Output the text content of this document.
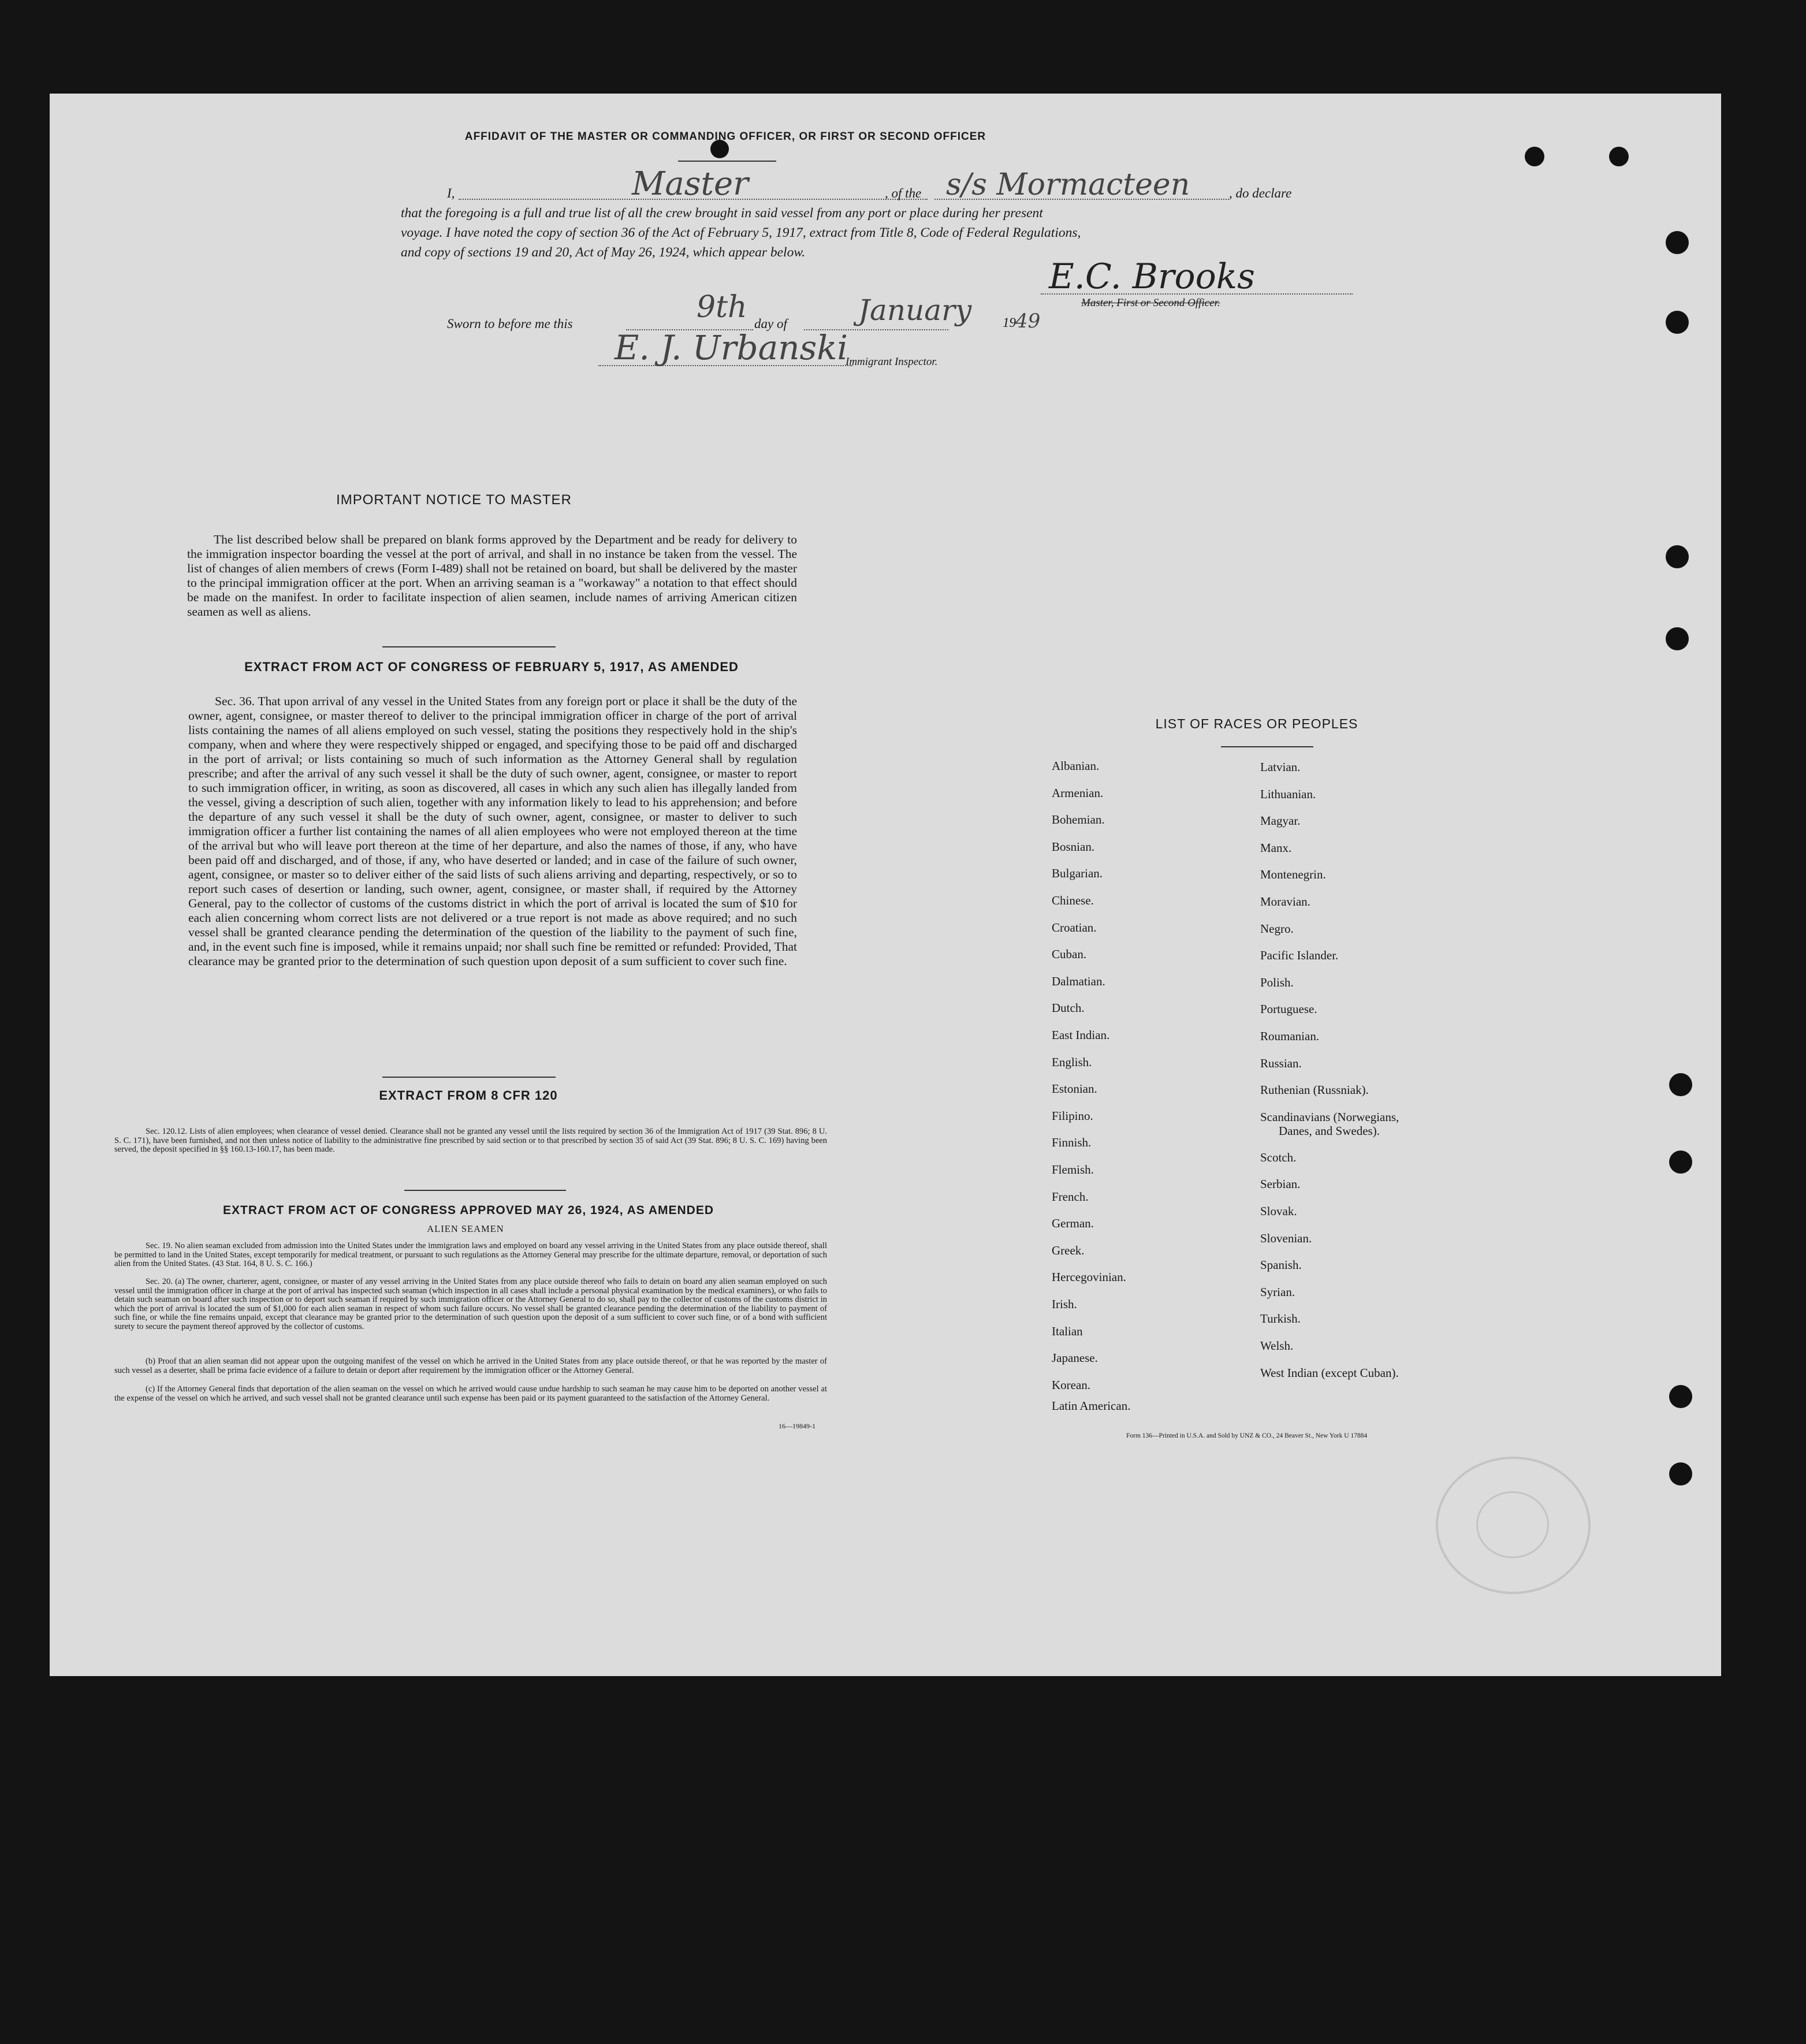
AFFIDAVIT OF THE MASTER OR COMMANDING OFFICER, OR FIRST OR SECOND OFFICER
I,	Master	, of the s/s Mormacteen	, do declare
that the foregoing is a full and true list of all the crew brought in said vessel from any port or place during her present
voyage. I have noted the copy of section 36 of the Act of February 5, 1917, extract from Title 8, Code of Federal Regulations,
and copy of sections 19 and 20, Act of May 26, 1924, which appear below.
E.C. Brooks
Master, First or Second Officer.
Sworn to before me this	9th day of January 19 49
E. J. Urbanski
Immigrant Inspector.
IMPORTANT NOTICE TO MASTER
The list described below shall be prepared on blank forms approved by the Department and be ready for delivery to the immigration inspector boarding the vessel at the port of arrival, and shall in no instance be taken from the vessel. The list of changes of alien members of crews (Form I-489) shall not be retained on board, but shall be delivered by the master to the principal immigration officer at the port. When an arriving seaman is a "workaway" a notation to that effect should be made on the manifest. In order to facilitate inspection of alien seamen, include names of arriving American citizen seamen as well as aliens.
EXTRACT FROM ACT OF CONGRESS OF FEBRUARY 5, 1917, AS AMENDED
Sec. 36. That upon arrival of any vessel in the United States from any foreign port or place it shall be the duty of the owner, agent, consignee, or master thereof to deliver to the principal immigration officer in charge of the port of arrival lists containing the names of all aliens employed on such vessel, stating the positions they respectively hold in the ship's company, when and where they were respectively shipped or engaged, and specifying those to be paid off and discharged in the port of arrival; or lists containing so much of such information as the Attorney General shall by regulation prescribe; and after the arrival of any such vessel it shall be the duty of such owner, agent, consignee, or master to report to such immigration officer, in writing, as soon as discovered, all cases in which any such alien has illegally landed from the vessel, giving a description of such alien, together with any information likely to lead to his apprehension; and before the departure of any such vessel it shall be the duty of such owner, agent, consignee, or master to deliver to such immigration officer a further list containing the names of all alien employees who were not employed thereon at the time of the arrival but who will leave port thereon at the time of her departure, and also the names of those, if any, who have been paid off and discharged, and of those, if any, who have deserted or landed; and in case of the failure of such owner, agent, consignee, or master so to deliver either of the said lists of such aliens arriving and departing, respectively, or so to report such cases of desertion or landing, such owner, agent, consignee, or master shall, if required by the Attorney General, pay to the collector of customs of the customs district in which the port of arrival is located the sum of $10 for each alien concerning whom correct lists are not delivered or a true report is not made as above required; and no such vessel shall be granted clearance pending the determination of the question of the liability to the payment of such fine, and, in the event such fine is imposed, while it remains unpaid; nor shall such fine be remitted or refunded: Provided, That clearance may be granted prior to the determination of such question upon deposit of a sum sufficient to cover such fine.
EXTRACT FROM 8 CFR 120
Sec. 120.12. Lists of alien employees; when clearance of vessel denied. Clearance shall not be granted any vessel until the lists required by section 36 of the Immigration Act of 1917 (39 Stat. 896; 8 U. S. C. 171), have been furnished, and not then unless notice of liability to the administrative fine prescribed by said section or to that prescribed by section 35 of said Act (39 Stat. 896; 8 U. S. C. 169) having been served, the deposit specified in §§ 160.13-160.17, has been made.
EXTRACT FROM ACT OF CONGRESS APPROVED MAY 26, 1924, AS AMENDED
ALIEN SEAMEN
Sec. 19. No alien seaman excluded from admission into the United States under the immigration laws and employed on board any vessel arriving in the United States from any place outside thereof, shall be permitted to land in the United States, except temporarily for medical treatment, or pursuant to such regulations as the Attorney General may prescribe for the ultimate departure, removal, or deportation of such alien from the United States. (43 Stat. 164, 8 U. S. C. 166.)
Sec. 20. (a) The owner, charterer, agent, consignee, or master of any vessel arriving in the United States from any place outside thereof who fails to detain on board any alien seaman employed on such vessel until the immigration officer in charge at the port of arrival has inspected such seaman (which inspection in all cases shall include a personal physical examination by the medical examiners), or who fails to detain such seaman on board after such inspection or to deport such seaman if required by such immigration officer or the Attorney General to do so, shall pay to the collector of customs of the customs district in which the port of arrival is located the sum of $1,000 for each alien seaman in respect of whom such failure occurs. No vessel shall be granted clearance pending the determination of the liability to payment of such fine, or while the fine remains unpaid, except that clearance may be granted prior to the determination of such question upon the deposit of a sum sufficient to cover such fine, or of a bond with sufficient surety to secure the payment thereof approved by the collector of customs.
(b) Proof that an alien seaman did not appear upon the outgoing manifest of the vessel on which he arrived in the United States from any place outside thereof, or that he was reported by the master of such vessel as a deserter, shall be prima facie evidence of a failure to detain or deport after requirement by the immigration officer or the Attorney General.
(c) If the Attorney General finds that deportation of the alien seaman on the vessel on which he arrived would cause undue hardship to such seaman he may cause him to be deported on another vessel at the expense of the vessel on which he arrived, and such vessel shall not be granted clearance until such expense has been paid or its payment guaranteed to the satisfaction of the Attorney General.
16—19849-1
LIST OF RACES OR PEOPLES
Form 136—Printed in U.S.A. and Sold by UNZ & CO., 24 Beaver St., New York U 17884
Albanian.
Armenian.
Bohemian.
Bosnian.
Bulgarian.
Chinese.
Croatian.
Cuban.
Dalmatian.
Dutch.
East Indian.
English.
Estonian.
Filipino.
Finnish.
Flemish.
French.
German.
Greek.
Hercegovinian.
Irish.
Italian
Japanese.
Korean.
Latin American.
Latvian.
Lithuanian.
Magyar.
Manx.
Montenegrin.
Moravian.
Negro.
Pacific Islander.
Polish.
Portuguese.
Roumanian.
Russian.
Ruthenian (Russniak).
Scandinavians (Norwegians,
Danes, and Swedes).
Scotch.
Serbian.
Slovak.
Slovenian.
Spanish.
Syrian.
Turkish.
Welsh.
West Indian (except Cuban).
